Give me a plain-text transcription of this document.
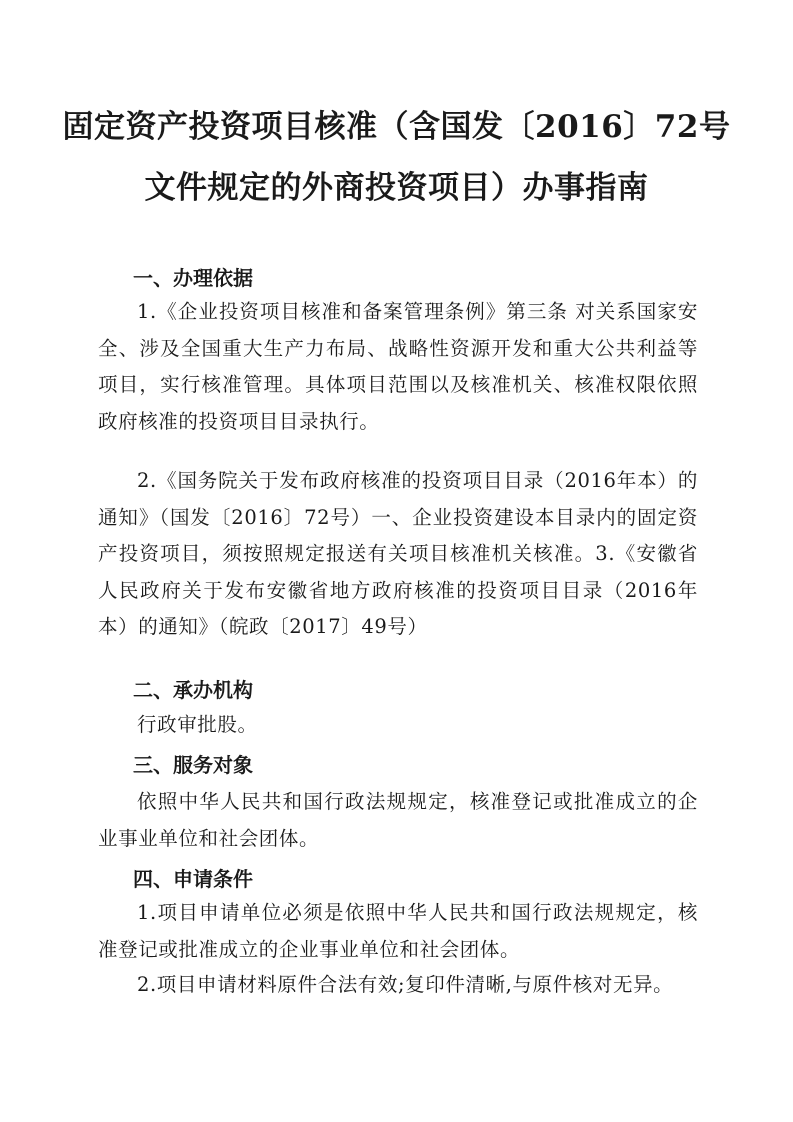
固定资产投资项目核准（含国发〔2016〕72号
文件规定的外商投资项目）办事指南
一、办理依据

1.《企业投资项目核准和备案管理条例》第三条 对关系国家安全、涉及全国重大生产力布局、战略性资源开发和重大公共利益等项目，实行核准管理。具体项目范围以及核准机关、核准权限依照政府核准的投资项目目录执行。

2.《国务院关于发布政府核准的投资项目目录（2016年本）的通知》（国发〔2016〕72号）一、企业投资建设本目录内的固定资产投资项目，须按照规定报送有关项目核准机关核准。3.《安徽省人民政府关于发布安徽省地方政府核准的投资项目目录（2016年本）的通知》（皖政〔2017〕49号）

二、承办机构
行政审批股。
三、服务对象

依照中华人民共和国行政法规规定，核准登记或批准成立的企业事业单位和社会团体。

四、申请条件

1.项目申请单位必须是依照中华人民共和国行政法规规定，核准登记或批准成立的企业事业单位和社会团体。

2.项目申请材料原件合法有效;复印件清晰,与原件核对无异。
